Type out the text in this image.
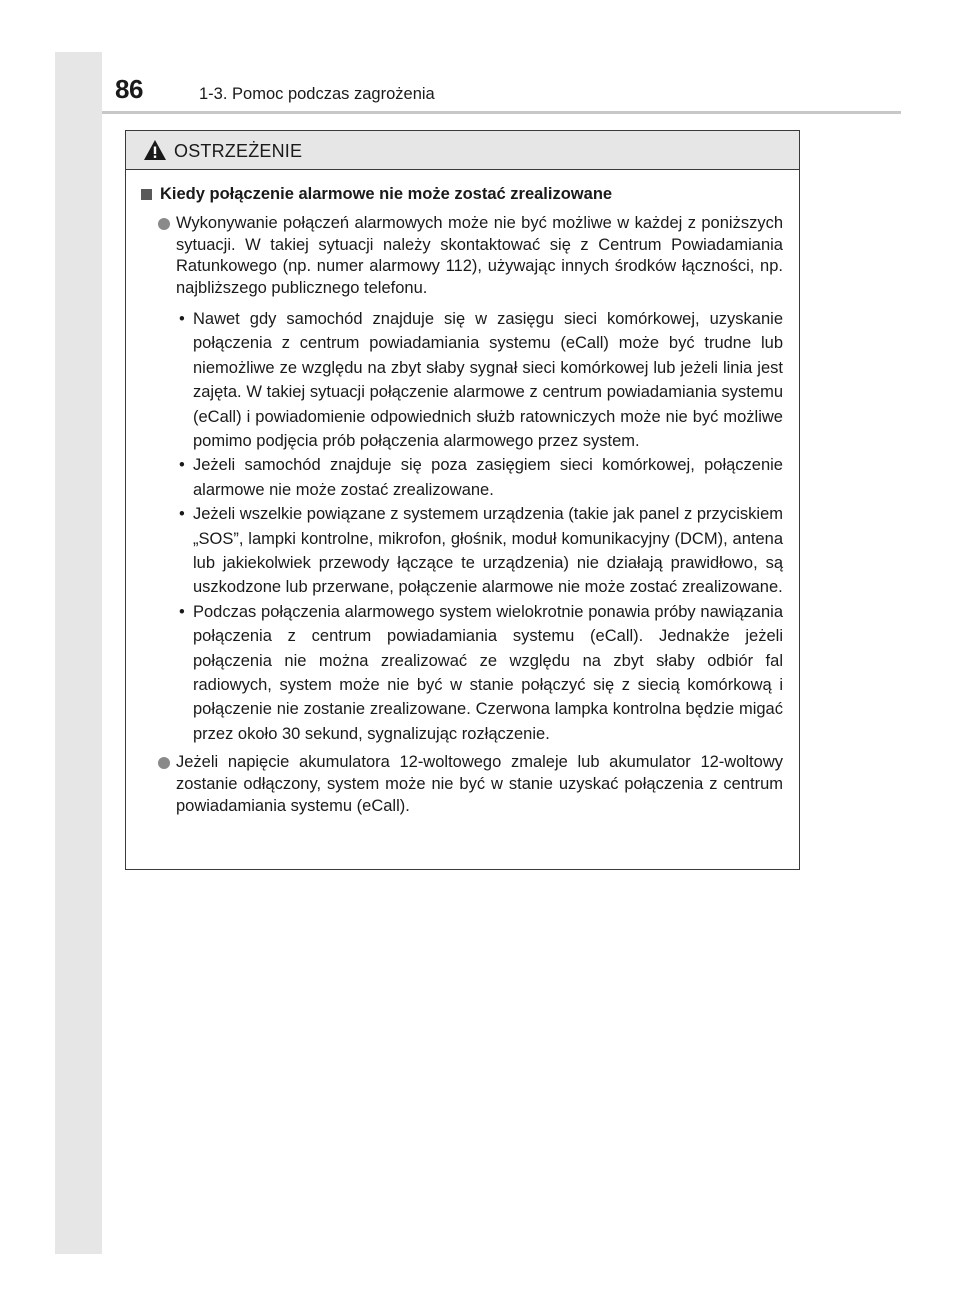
86	1-3. Pomoc podczas zagrożenia
OSTRZEŻENIE
Kiedy połączenie alarmowe nie może zostać zrealizowane
Wykonywanie połączeń alarmowych może nie być możliwe w każdej z poniższych sytuacji. W takiej sytuacji należy skontaktować się z Centrum Powiadamiania Ratunkowego (np. numer alarmowy 112), używając innych środków łączności, np. najbliższego publicznego telefonu.
• Nawet gdy samochód znajduje się w zasięgu sieci komórkowej, uzyskanie połączenia z centrum powiadamiania systemu (eCall) może być trudne lub niemożliwe ze względu na zbyt słaby sygnał sieci komórkowej lub jeżeli linia jest zajęta. W takiej sytuacji połączenie alarmowe z centrum powiadamiania systemu (eCall) i powiadomienie odpowiednich służb ratowniczych może nie być możliwe pomimo podjęcia prób połączenia alarmowego przez system.
• Jeżeli samochód znajduje się poza zasięgiem sieci komórkowej, połączenie alarmowe nie może zostać zrealizowane.
• Jeżeli wszelkie powiązane z systemem urządzenia (takie jak panel z przyciskiem „SOS”, lampki kontrolne, mikrofon, głośnik, moduł komunikacyjny (DCM), antena lub jakiekolwiek przewody łączące te urządzenia) nie działają prawidłowo, są uszkodzone lub przerwane, połączenie alarmowe nie może zostać zrealizowane.
• Podczas połączenia alarmowego system wielokrotnie ponawia próby nawiązania połączenia z centrum powiadamiania systemu (eCall). Jednakże jeżeli połączenia nie można zrealizować ze względu na zbyt słaby odbiór fal radiowych, system może nie być w stanie połączyć się z siecią komórkową i połączenie nie zostanie zrealizowane. Czerwona lampka kontrolna będzie migać przez około 30 sekund, sygnalizując rozłączenie.
Jeżeli napięcie akumulatora 12-woltowego zmaleje lub akumulator 12-woltowy zostanie odłączony, system może nie być w stanie uzyskać połączenia z centrum powiadamiania systemu (eCall).
